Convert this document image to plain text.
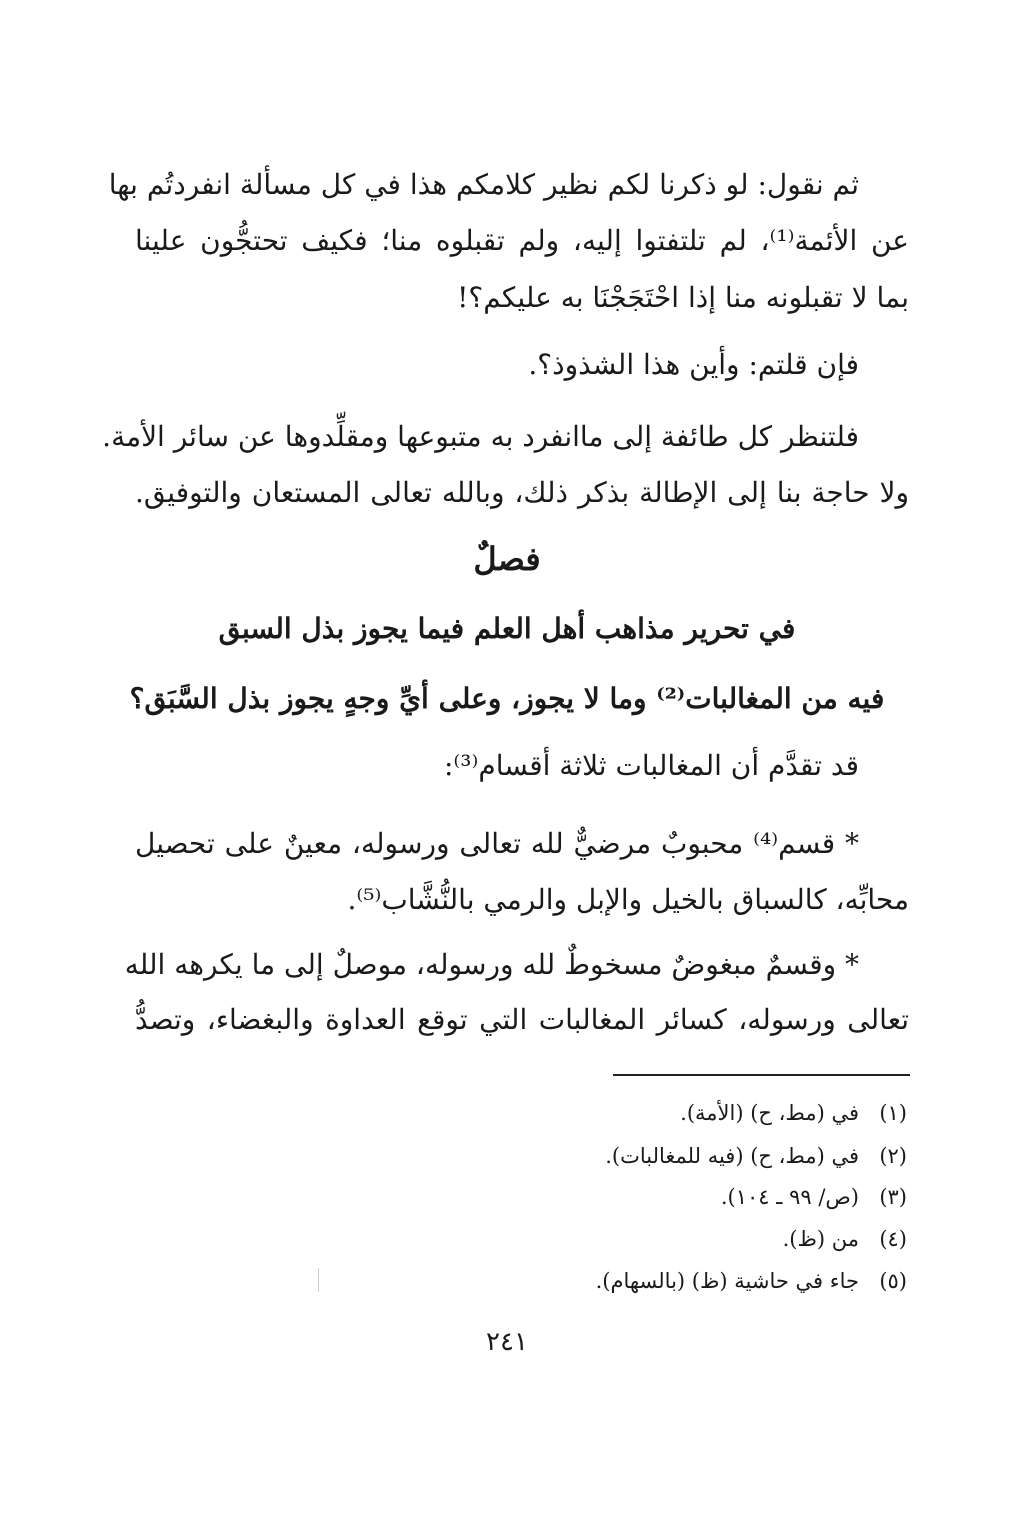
ثم نقول: لو ذكرنا لكم نظير كلامكم هذا في كل مسألة انفردتُم بها
عن الأئمة⁽¹⁾، لم تلتفتوا إليه، ولم تقبلوه منا؛ فكيف تحتجُّون علينا
بما لا تقبلونه منا إذا احْتَجَجْنَا به عليكم؟!
فإن قلتم: وأين هذا الشذوذ؟.
فلتنظر كل طائفة إلى ماانفرد به متبوعها ومقلِّدوها عن سائر الأمة.
ولا حاجة بنا إلى الإطالة بذكر ذلك، وبالله تعالى المستعان والتوفيق.
فصلٌ
في تحرير مذاهب أهل العلم فيما يجوز بذل السبق
فيه من المغالبات⁽²⁾ وما لا يجوز، وعلى أيِّ وجهٍ يجوز بذل السَّبَق؟
قد تقدَّم أن المغالبات ثلاثة أقسام⁽³⁾:
* قسم⁽⁴⁾ محبوبٌ مرضيٌّ لله تعالى ورسوله، معينٌ على تحصيل
محابِّه، كالسباق بالخيل والإبل والرمي بالنُّشَّاب⁽⁵⁾.
* وقسمٌ مبغوضٌ مسخوطٌ لله ورسوله، موصلٌ إلى ما يكرهه الله
تعالى ورسوله، كسائر المغالبات التي توقع العداوة والبغضاء، وتصدُّ
(١)في (مط، ح) (الأمة).
(٢)في (مط، ح) (فيه للمغالبات).
(٣)(ص/ ٩٩ ـ ١٠٤).
(٤)من (ظ).
(٥)جاء في حاشية (ظ) (بالسهام).
٢٤١
